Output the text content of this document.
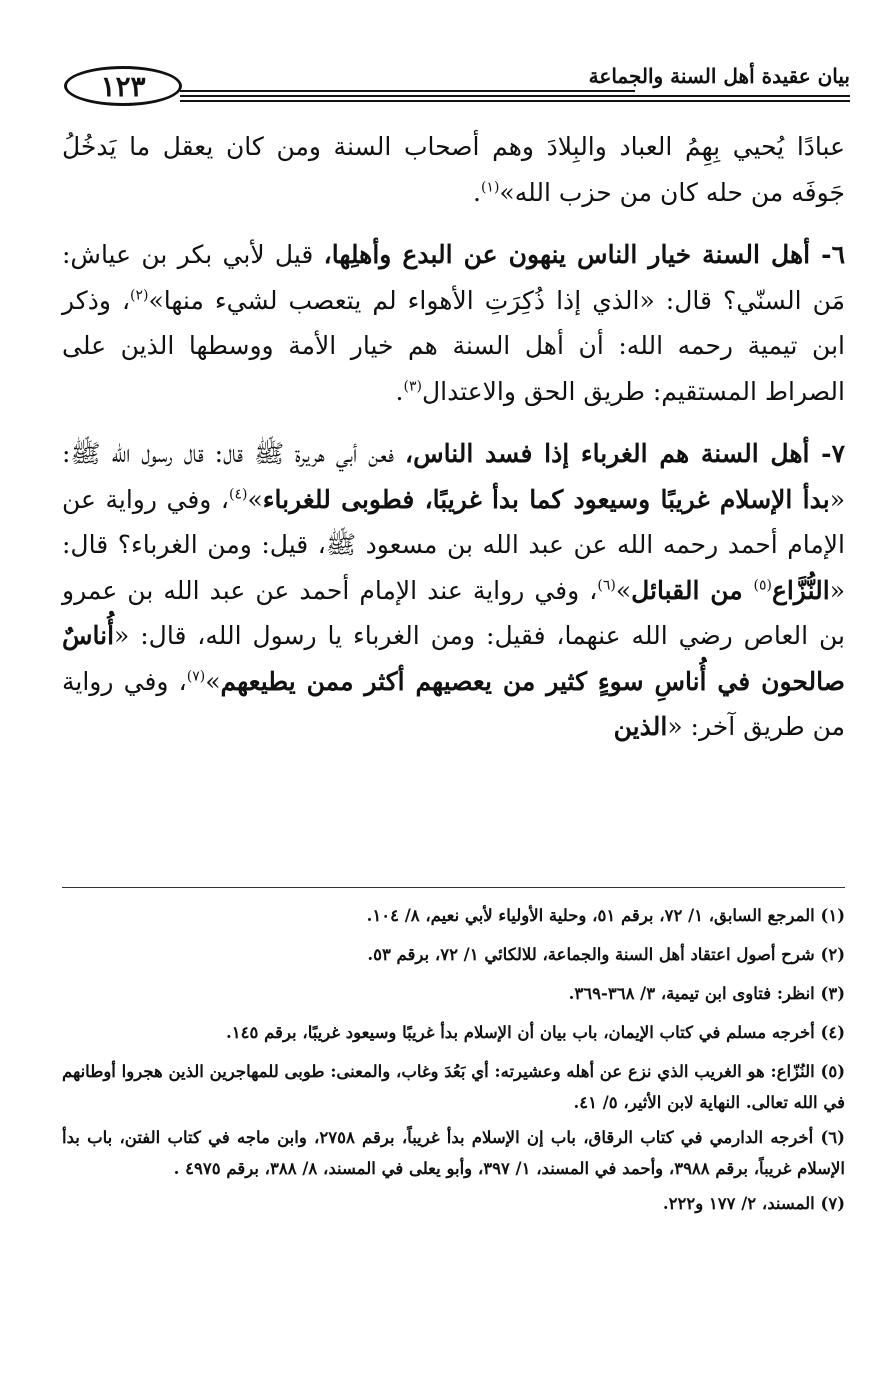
١٢٣	بيان عقيدة أهل السنة والجماعة

عبادًا يُحيي بِهِمُ العباد والبِلادَ وهم أصحاب السنة ومن كان يعقل ما يَدخُلُ جَوفَه من حله كان من حزب الله»$^{(١)}$.

٦- أهل السنة خيار الناس ينهون عن البدع وأهلِها، قيل لأبي بكر بن عياش: مَن السنّي؟ قال: «الذي إذا ذُكِرَتِ الأهواء لم يتعصب لشيء منها»$^{(٢)}$، وذكر ابن تيمية رحمه الله: أن أهل السنة هم خيار الأمة ووسطها الذين على الصراط المستقيم: طريق الحق والاعتدال$^{(٣)}$.

٧- أهل السنة هم الغرباء إذا فسد الناس، فعن أبي هريرة ﷺ قال: قال رسول الله ﷺ: «بدأ الإسلام غريبًا وسيعود كما بدأ غريبًا، فطوبى للغرباء»$^{(٤)}$، وفي رواية عن الإمام أحمد رحمه الله عن عبد الله بن مسعود ﷺ، قيل: ومن الغرباء؟ قال: «النُّزَّاع$^{(٥)}$ من القبائل»$^{(٦)}$، وفي رواية عند الإمام أحمد عن عبد الله بن عمرو بن العاص رضي الله عنهما، فقيل: ومن الغرباء يا رسول الله، قال: «أُناسٌ صالحون في أُناسِ سوءٍ كثير من يعصيهم أكثر ممن يطيعهم»$^{(٧)}$، وفي رواية من طريق آخر: «الذين

(١) المرجع السابق، ١/ ٧٢، برقم ٥١، وحلية الأولياء لأبي نعيم، ٨/ ١٠٤.

(٢) شرح أصول اعتقاد أهل السنة والجماعة، للالكائي ١/ ٧٢، برقم ٥٣.

(٣) انظر: فتاوى ابن تيمية، ٣/ ٣٦٨-٣٦٩.

(٤) أخرجه مسلم في كتاب الإيمان، باب بيان أن الإسلام بدأ غريبًا وسيعود غريبًا، برقم ١٤٥.

(٥) النُزّاع: هو الغريب الذي نزع عن أهله وعشيرته: أي بَعُدَ وغاب، والمعنى: طوبى للمهاجرين الذين هجروا أوطانهم في الله تعالى. النهاية لابن الأثير، ٥/ ٤١.

(٦) أخرجه الدارمي في كتاب الرقاق، باب إن الإسلام بدأ غريباً، برقم ٢٧٥٨، وابن ماجه في كتاب الفتن، باب بدأ الإسلام غريباً، برقم ٣٩٨٨، وأحمد في المسند، ١/ ٣٩٧، وأبو يعلى في المسند، ٨/ ٣٨٨، برقم ٤٩٧٥ .

(٧) المسند، ٢/ ١٧٧ و٢٢٢.
